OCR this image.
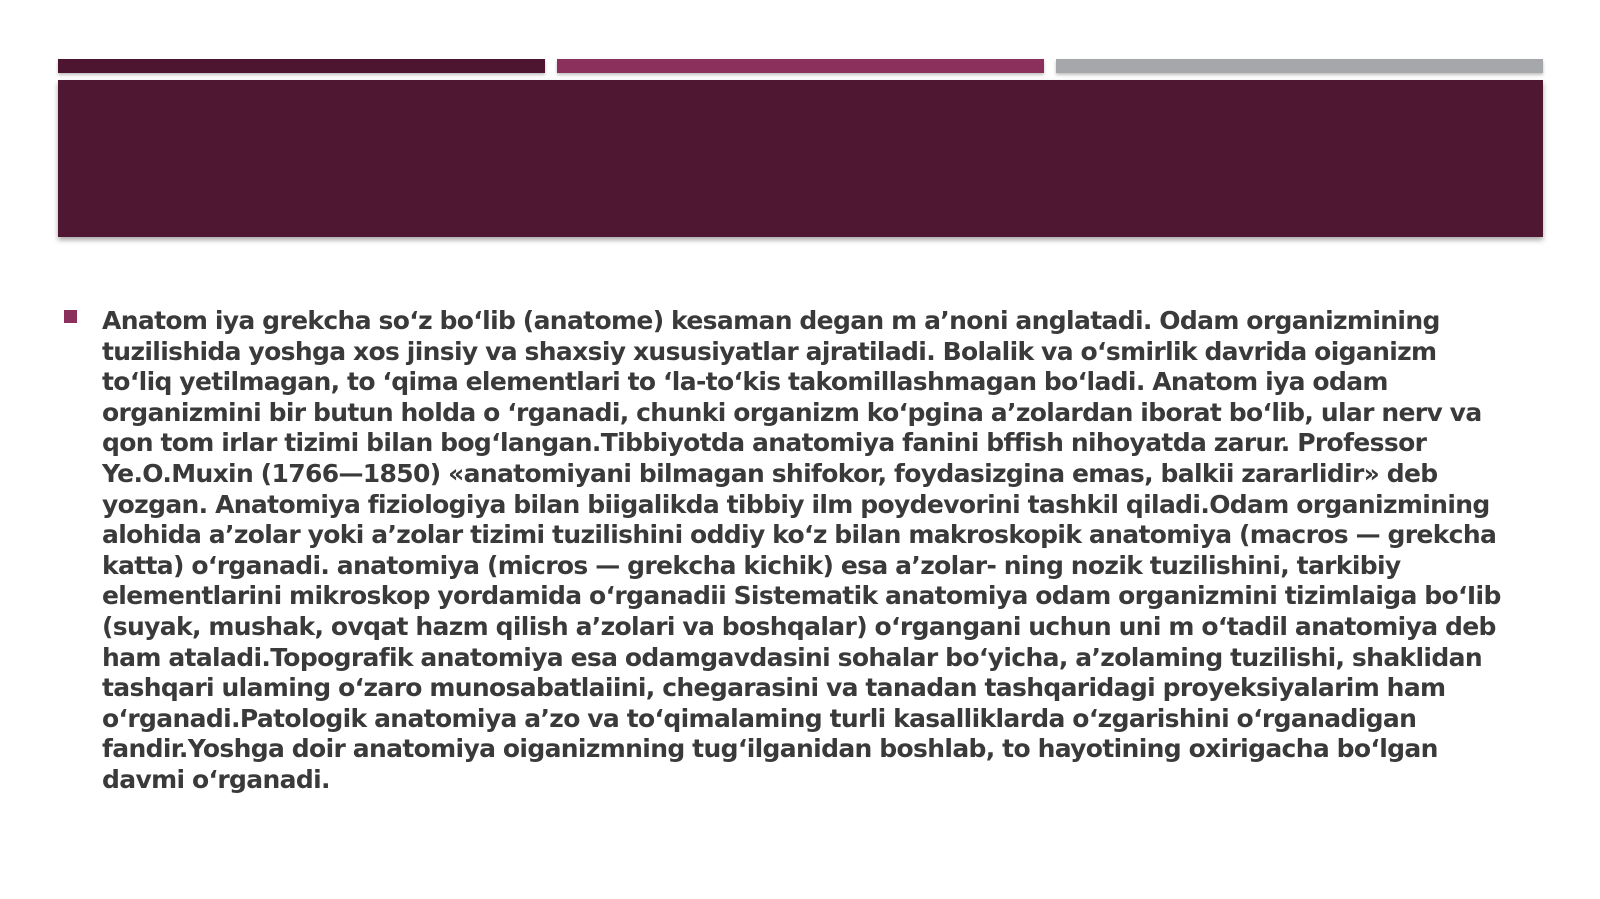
Anatom iya grekcha so‘z bo‘lib (anatome) kesaman degan m a’noni anglatadi. Odam organizmining tuzilishida yoshga xos jinsiy va shaxsiy xususiyatlar ajratiladi. Bolalik va o‘smirlik davrida oiganizm to‘liq yetilmagan, to ‘qima elementlari to ‘la-to‘kis takomillashmagan bo‘ladi. Anatom iya odam organizmini bir butun holda o ‘rganadi, chunki organizm ko‘pgina a’zolardan iborat bo‘lib, ular nerv va qon tom irlar tizimi bilan bog‘langan.Tibbiyotda anatomiya fanini bffish nihoyatda zarur. Professor Ye.O.Muxin (1766—1850) «anatomiyani bilmagan shifokor, foydasizgina emas, balkii zararlidir» deb yozgan. Anatomiya fiziologiya bilan biigalikda tibbiy ilm poydevorini tashkil qiladi.Odam organizmining alohida a’zolar yoki a’zolar tizimi tuzilishini oddiy ko‘z bilan makroskopik anatomiya (macros — grekcha katta) o‘rganadi. anatomiya (micros — grekcha kichik) esa a’zolar- ning nozik tuzilishini, tarkibiy elementlarini mikroskop yordamida o‘rganadii Sistematik anatomiya odam organizmini tizimlaiga bo‘Iib (suyak, mushak, ovqat hazm qilish a’zolari va boshqalar) o‘rgangani uchun uni m o‘tadil anatomiya deb ham ataladi.Topografik anatomiya esa odamgavdasini sohalar bo‘yicha, a’zolaming tuzilishi, shaklidan tashqari ulaming o‘zaro munosabatlaiini, chegarasini va tanadan tashqaridagi proyeksiyalarim ham o‘rganadi.Patologik anatomiya a’zo va to‘qimalaming turli kasalliklarda o‘zgarishini o‘rganadigan fandir.Yoshga doir anatomiya oiganizmning tug‘ilganidan boshlab, to hayotining oxirigacha bo‘lgan davmi o‘rganadi.
